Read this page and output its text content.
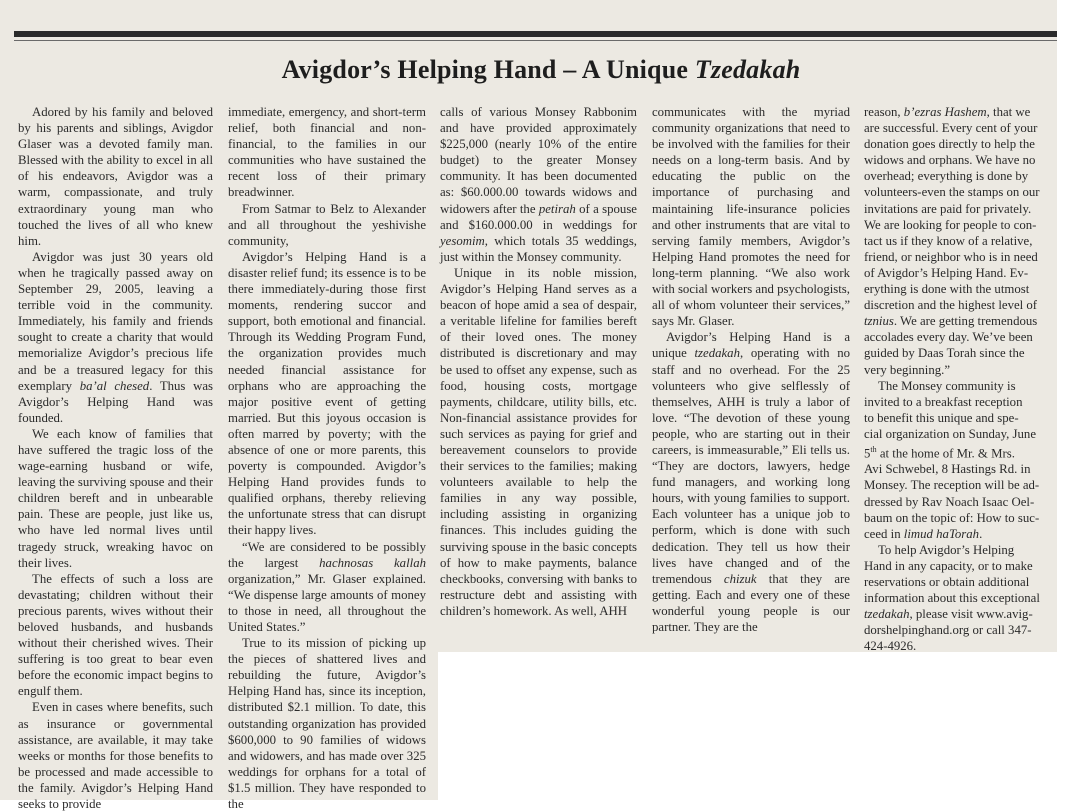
Avigdor’s Helping Hand – A Unique Tzedakah

Adored by his family and beloved by his parents and siblings, Avigdor Glaser was a devoted family man. Blessed with the ability to excel in all of his endeavors, Avigdor was a warm, compassionate, and truly extraordinary young man who touched the lives of all who knew him.

Avigdor was just 30 years old when he tragically passed away on September 29, 2005, leaving a terrible void in the community. Immediately, his family and friends sought to create a charity that would memorialize Avigdor’s precious life and be a treasured legacy for this exemplary ba’al chesed. Thus was Avigdor’s Helping Hand was founded.

We each know of families that have suffered the tragic loss of the wage-earning husband or wife, leaving the surviving spouse and their children bereft and in unbearable pain. These are people, just like us, who have led normal lives until tragedy struck, wreaking havoc on their lives.

The effects of such a loss are devastating; children without their precious parents, wives without their beloved husbands, and husbands without their cherished wives. Their suffering is too great to bear even before the economic impact begins to engulf them.

Even in cases where benefits, such as insurance or governmental assistance, are available, it may take weeks or months for those benefits to be processed and made accessible to the family. Avigdor’s Helping Hand seeks to provide

immediate, emergency, and short-term relief, both financial and non-financial, to the families in our communities who have sustained the recent loss of their primary breadwinner.

From Satmar to Belz to Alexander and all throughout the yeshivishe community,

Avigdor’s Helping Hand is a disaster relief fund; its essence is to be there immediately-during those first moments, rendering succor and support, both emotional and financial. Through its Wedding Program Fund, the organization provides much needed financial assistance for orphans who are approaching the major positive event of getting married. But this joyous occasion is often marred by poverty; with the absence of one or more parents, this poverty is compounded. Avigdor’s Helping Hand provides funds to qualified orphans, thereby relieving the unfortunate stress that can disrupt their happy lives.

“We are considered to be possibly the largest hachnosas kallah organization,” Mr. Glaser explained. “We dispense large amounts of money to those in need, all throughout the United States.”

True to its mission of picking up the pieces of shattered lives and rebuilding the future, Avigdor’s Helping Hand has, since its inception, distributed $2.1 million. To date, this outstanding organization has provided $600,000 to 90 families of widows and widowers, and has made over 325 weddings for orphans for a total of $1.5 million. They have responded to the

calls of various Monsey Rabbonim and have provided approximately $225,000 (nearly 10% of the entire budget) to the greater Monsey community. It has been documented as: $60.000.00 towards widows and widowers after the petirah of a spouse and $160.000.00 in weddings for yesomim, which totals 35 weddings, just within the Monsey community.

Unique in its noble mission, Avigdor’s Helping Hand serves as a beacon of hope amid a sea of despair, a veritable lifeline for families bereft of their loved ones. The money distributed is discretionary and may be used to offset any expense, such as food, housing costs, mortgage payments, childcare, utility bills, etc. Non-financial assistance provides for such services as paying for grief and bereavement counselors to provide their services to the families; making volunteers available to help the families in any way possible, including assisting in organizing finances. This includes guiding the surviving spouse in the basic concepts of how to make payments, balance checkbooks, conversing with banks to restructure debt and assisting with children’s homework. As well, AHH

communicates with the myriad community organizations that need to be involved with the families for their needs on a long-term basis. And by educating the public on the importance of purchasing and maintaining life-insurance policies and other instruments that are vital to serving family members, Avigdor’s Helping Hand promotes the need for long-term planning. “We also work with social workers and psychologists, all of whom volunteer their services,” says Mr. Glaser.

Avigdor’s Helping Hand is a unique tzedakah, operating with no staff and no overhead. For the 25 volunteers who give selflessly of themselves, AHH is truly a labor of love. “The devotion of these young people, who are starting out in their careers, is immeasurable,” Eli tells us. “They are doctors, lawyers, hedge fund managers, and working long hours, with young families to support. Each volunteer has a unique job to perform, which is done with such dedication. They tell us how their lives have changed and of the tremendous chizuk that they are getting. Each and every one of these wonderful young people is our partner. They are the

reason, b’ezras Hashem, that we

are successful. Every cent of your

donation goes directly to help the

widows and orphans. We have no

overhead; everything is done by

volunteers-even the stamps on our

invitations are paid for privately.

We are looking for people to con-

tact us if they know of a relative,

friend, or neighbor who is in need

of Avigdor’s Helping Hand. Ev-

erything is done with the utmost

discretion and the highest level of

tznius. We are getting tremendous

accolades every day. We’ve been

guided by Daas Torah since the

very beginning.”

The Monsey community is

invited to a breakfast reception

to benefit this unique and spe-

cial organization on Sunday, June

5th at the home of Mr. & Mrs.

Avi Schwebel, 8 Hastings Rd. in

Monsey. The reception will be ad-

dressed by Rav Noach Isaac Oel-

baum on the topic of: How to suc-

ceed in limud haTorah.

To help Avigdor’s Helping

Hand in any capacity, or to make

reservations or obtain additional

information about this exceptional

tzedakah, please visit www.avig-

dorshelpinghand.org or call 347-

424-4926.
